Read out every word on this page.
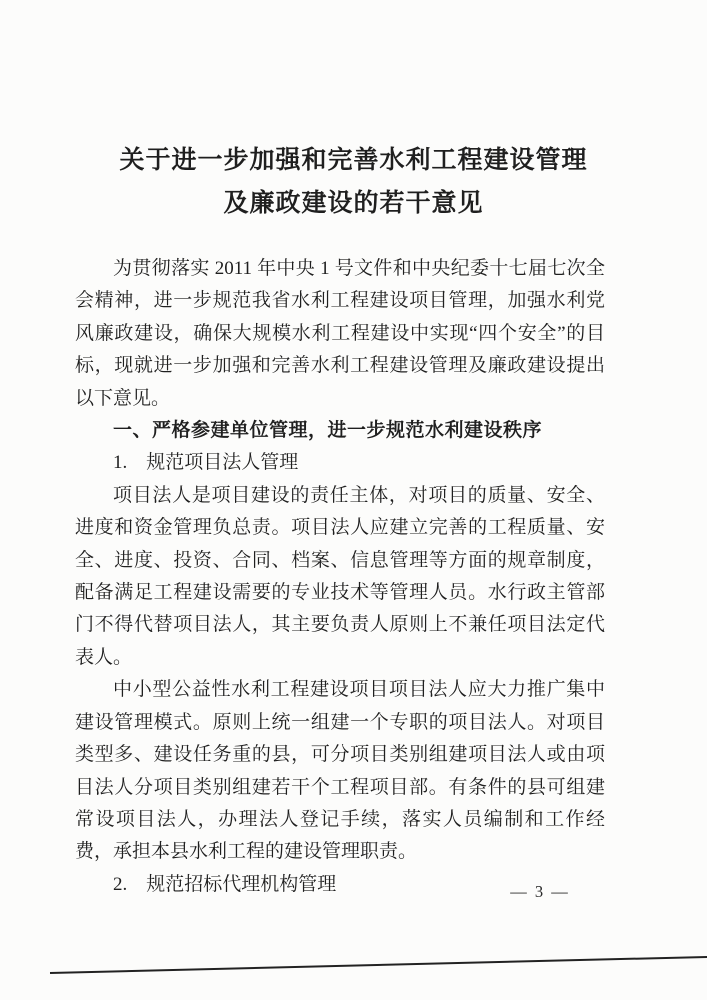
关于进一步加强和完善水利工程建设管理
及廉政建设的若干意见

为贯彻落实 2011 年中央 1 号文件和中央纪委十七届七次全会精神，进一步规范我省水利工程建设项目管理，加强水利党风廉政建设，确保大规模水利工程建设中实现“四个安全”的目标，现就进一步加强和完善水利工程建设管理及廉政建设提出以下意见。

一、严格参建单位管理，进一步规范水利建设秩序

1.　规范项目法人管理

项目法人是项目建设的责任主体，对项目的质量、安全、进度和资金管理负总责。项目法人应建立完善的工程质量、安全、进度、投资、合同、档案、信息管理等方面的规章制度，配备满足工程建设需要的专业技术等管理人员。水行政主管部门不得代替项目法人，其主要负责人原则上不兼任项目法定代表人。

中小型公益性水利工程建设项目项目法人应大力推广集中建设管理模式。原则上统一组建一个专职的项目法人。对项目类型多、建设任务重的县，可分项目类别组建项目法人或由项目法人分项目类别组建若干个工程项目部。有条件的县可组建常设项目法人，办理法人登记手续，落实人员编制和工作经费，承担本县水利工程的建设管理职责。

2.　规范招标代理机构管理	— 3 —
